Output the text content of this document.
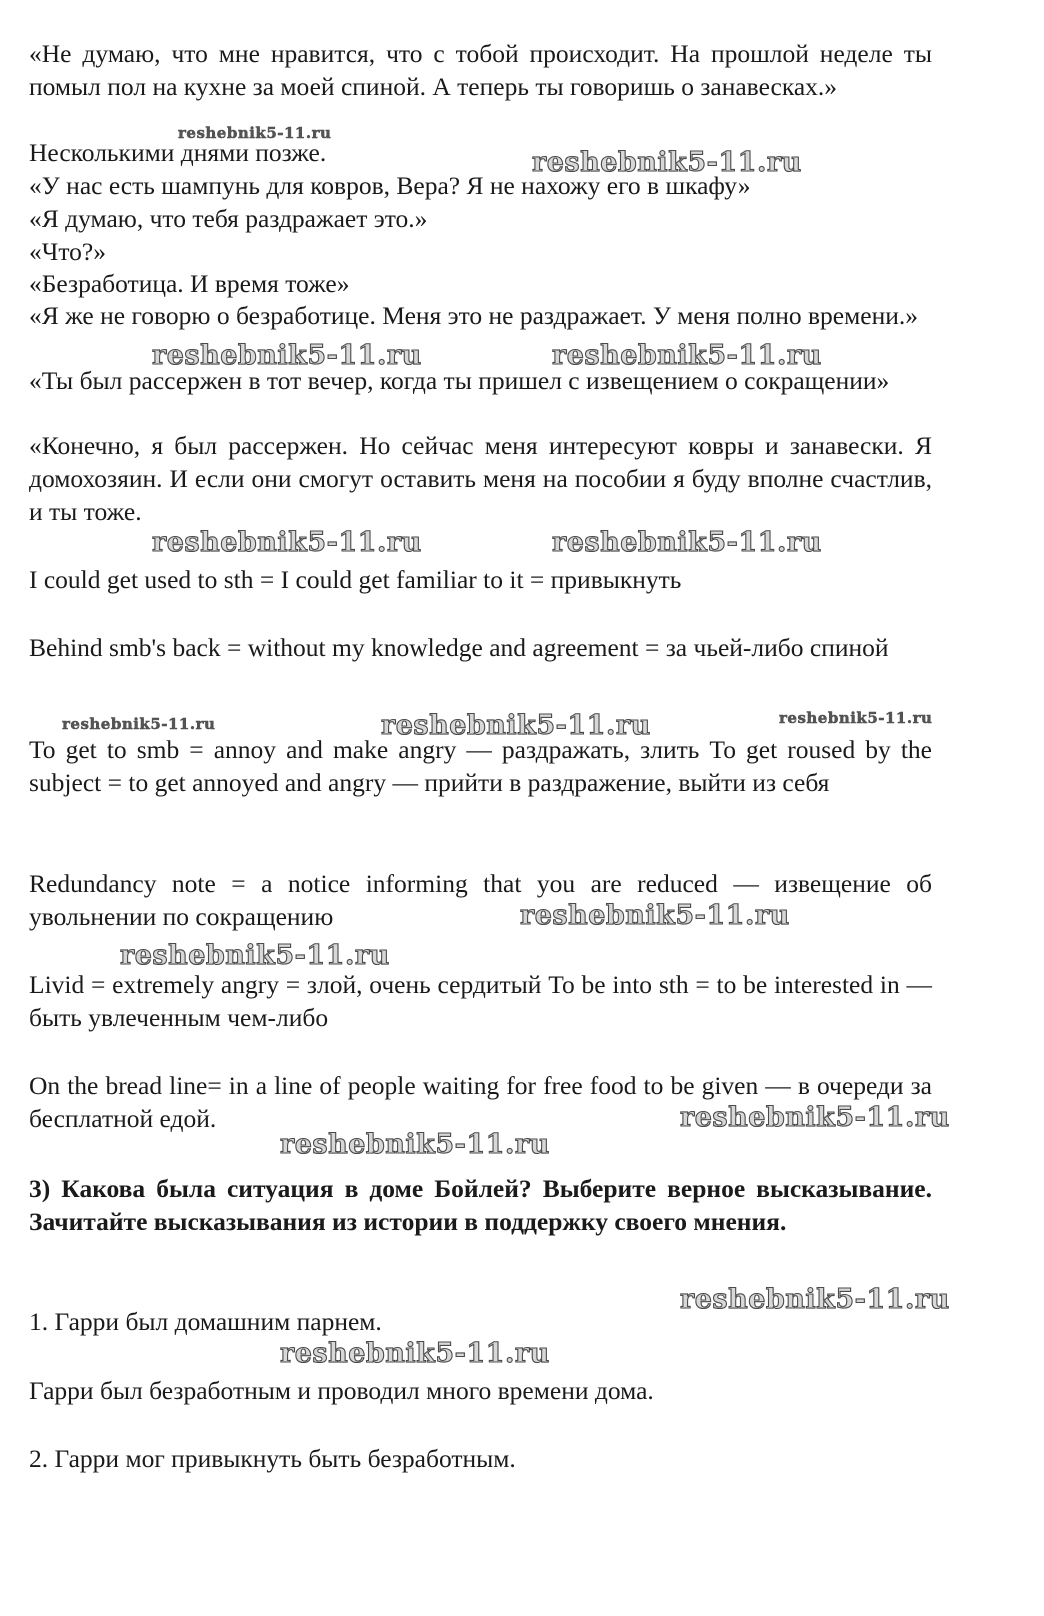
«Не думаю, что мне нравится, что с тобой происходит. На прошлой неделе ты помыл пол на кухне за моей спиной. А теперь ты говоришь о занавесках.»

Несколькими днями позже.

«У нас есть шампунь для ковров, Вера? Я не нахожу его в шкафу»

«Я думаю, что тебя раздражает это.»

«Что?»

«Безработица. И время тоже»

«Я же не говорю о безработице. Меня это не раздражает. У меня полно времени.»

«Ты был рассержен в тот вечер, когда ты пришел с извещением о сокращении»

«Конечно, я был рассержен. Но сейчас меня интересуют ковры и занавески. Я домохозяин. И если они смогут оставить меня на пособии я буду вполне счастлив, и ты тоже.

I could get used to sth = I could get familiar to it = привыкнуть

Behind smb's back = without my knowledge and agreement = за чьей-либо спиной

To get to smb = annoy and make angry — раздражать, злить To get roused by the subject = to get annoyed and angry — прийти в раздражение, выйти из себя

Redundancy note = a notice informing that you are reduced — извещение об увольнении по сокращению

Livid = extremely angry = злой, очень сердитый To be into sth = to be interested in — быть увлеченным чем-либо

On the bread line= in a line of people waiting for free food to be given — в очереди за бесплатной едой.

3) Какова была ситуация в доме Бойлей? Выберите верное высказывание. Зачитайте высказывания из истории в поддержку своего мнения.

1. Гарри был домашним парнем.

Гарри был безработным и проводил много времени дома.

2. Гарри мог привыкнуть быть безработным.

reshebnik5-11.ru
reshebnik5-11.ru
reshebnik5-11.ru	reshebnik5-11.ru
reshebnik5-11.ru	reshebnik5-11.ru
reshebnik5-11.ru	reshebnik5-11.ru	reshebnik5-11.ru
reshebnik5-11.ru
reshebnik5-11.ru
reshebnik5-11.ru
reshebnik5-11.ru
reshebnik5-11.ru
reshebnik5-11.ru
